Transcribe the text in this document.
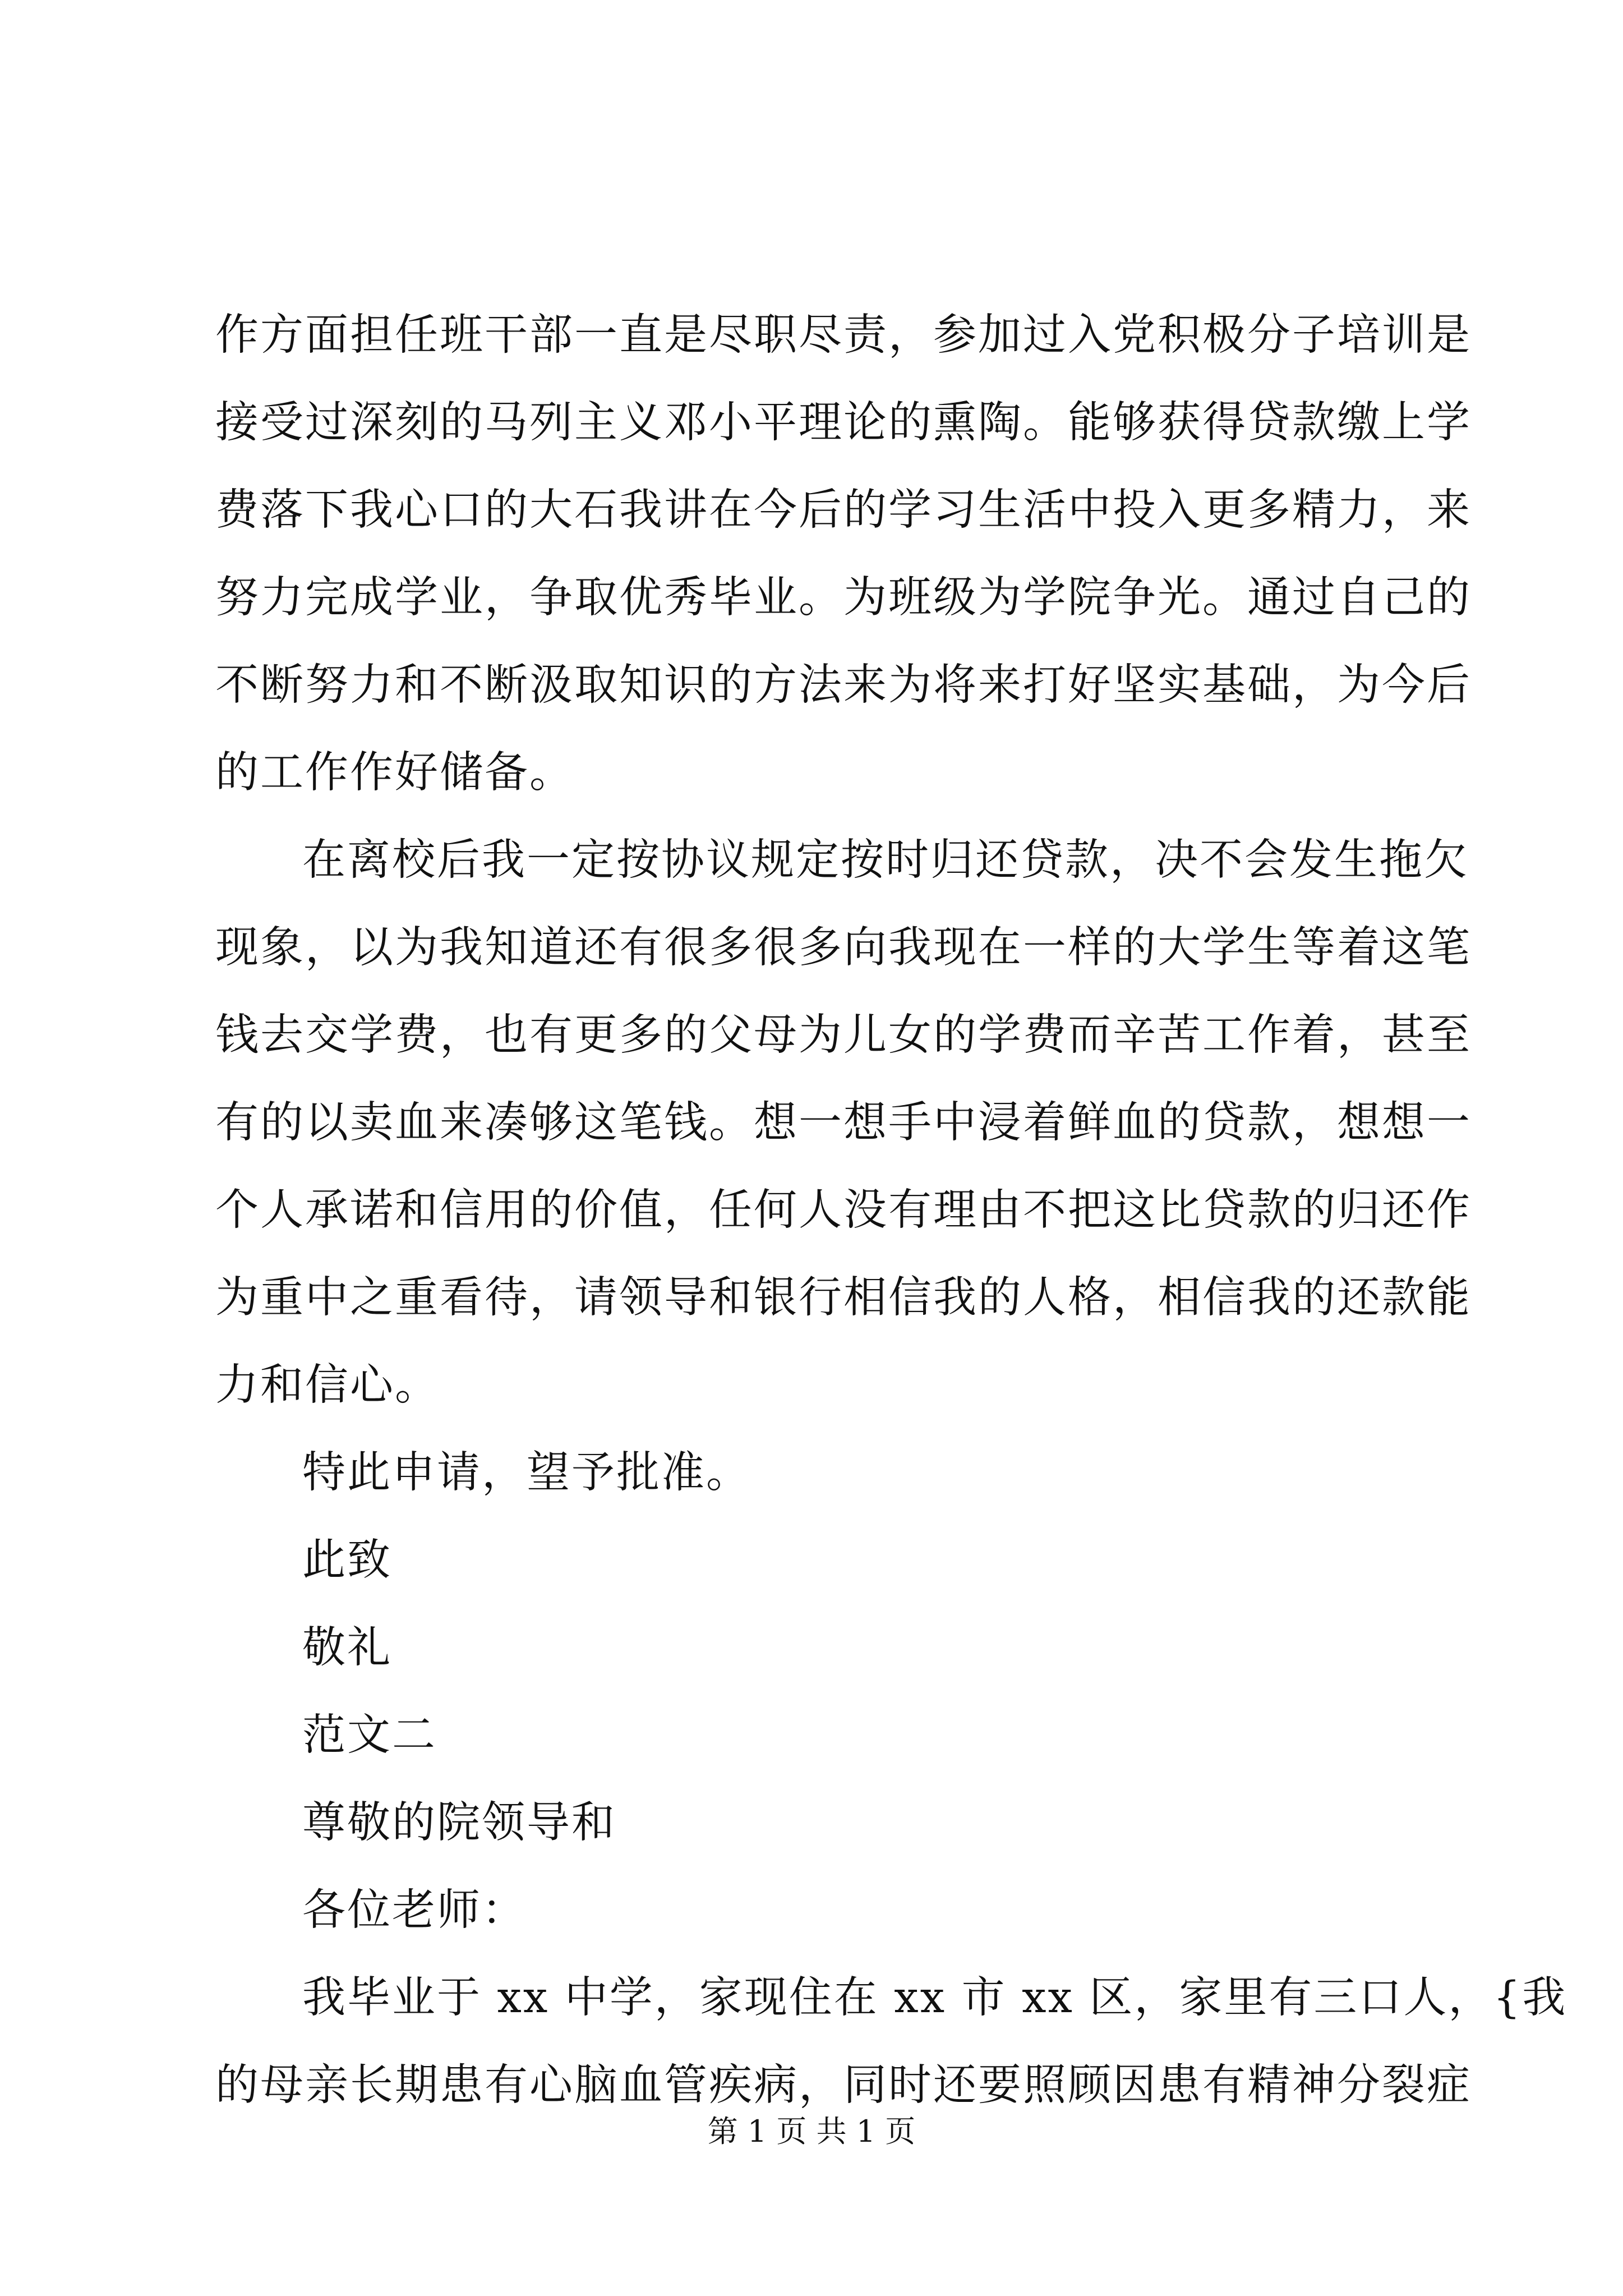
作方面担任班干部一直是尽职尽责，参加过入党积极分子培训是
接受过深刻的马列主义邓小平理论的熏陶。能够获得贷款缴上学
费落下我心口的大石我讲在今后的学习生活中投入更多精力，来
努力完成学业，争取优秀毕业。为班级为学院争光。通过自己的
不断努力和不断汲取知识的方法来为将来打好坚实基础，为今后
的工作作好储备。
在离校后我一定按协议规定按时归还贷款，决不会发生拖欠
现象，以为我知道还有很多很多向我现在一样的大学生等着这笔
钱去交学费，也有更多的父母为儿女的学费而辛苦工作着，甚至
有的以卖血来凑够这笔钱。想一想手中浸着鲜血的贷款，想想一
个人承诺和信用的价值，任何人没有理由不把这比贷款的归还作
为重中之重看待，请领导和银行相信我的人格，相信我的还款能
力和信心。
特此申请，望予批准。
此致
敬礼
范文二
尊敬的院领导和
各位老师：
我毕业于 xx 中学，家现住在 xx 市 xx 区，家里有三口人，{我
的母亲长期患有心脑血管疾病，同时还要照顾因患有精神分裂症
第 1 页 共 1 页
